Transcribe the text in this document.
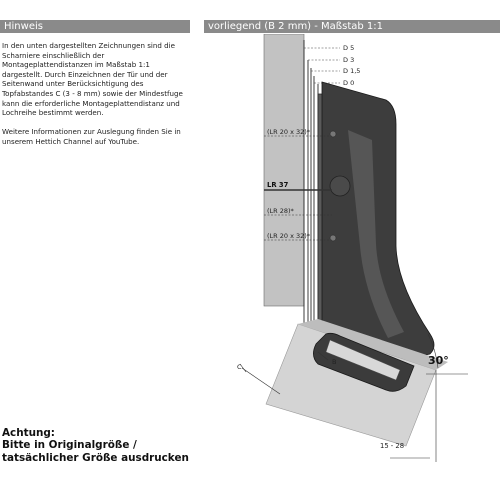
Hinweis	vorliegend (B 2 mm) - Maßstab 1:1

In den unten dargestellten Zeichnungen sind die Scharniere einschließlich der Montageplattendistanzen im Maßstab 1:1 dargestellt. Durch Einzeichnen der Tür und der Seitenwand unter Berücksichtigung des Topfabstandes C (3 - 8 mm) sowie der Mindestfuge kann die erforderliche Montageplattendistanz und Lochreihe bestimmt werden.

Weitere Informationen zur Auslegung finden Sie in unserem Hettich Channel auf YouTube.

Achtung:
Bitte in Originalgröße /
tatsächlicher Größe ausdrucken
D 5
D 3
D 1,5
D 0
(LR 20 x 32)*
LR 37
(LR 28)*
(LR 20 x 32)*
B
C	30°
15 - 28
